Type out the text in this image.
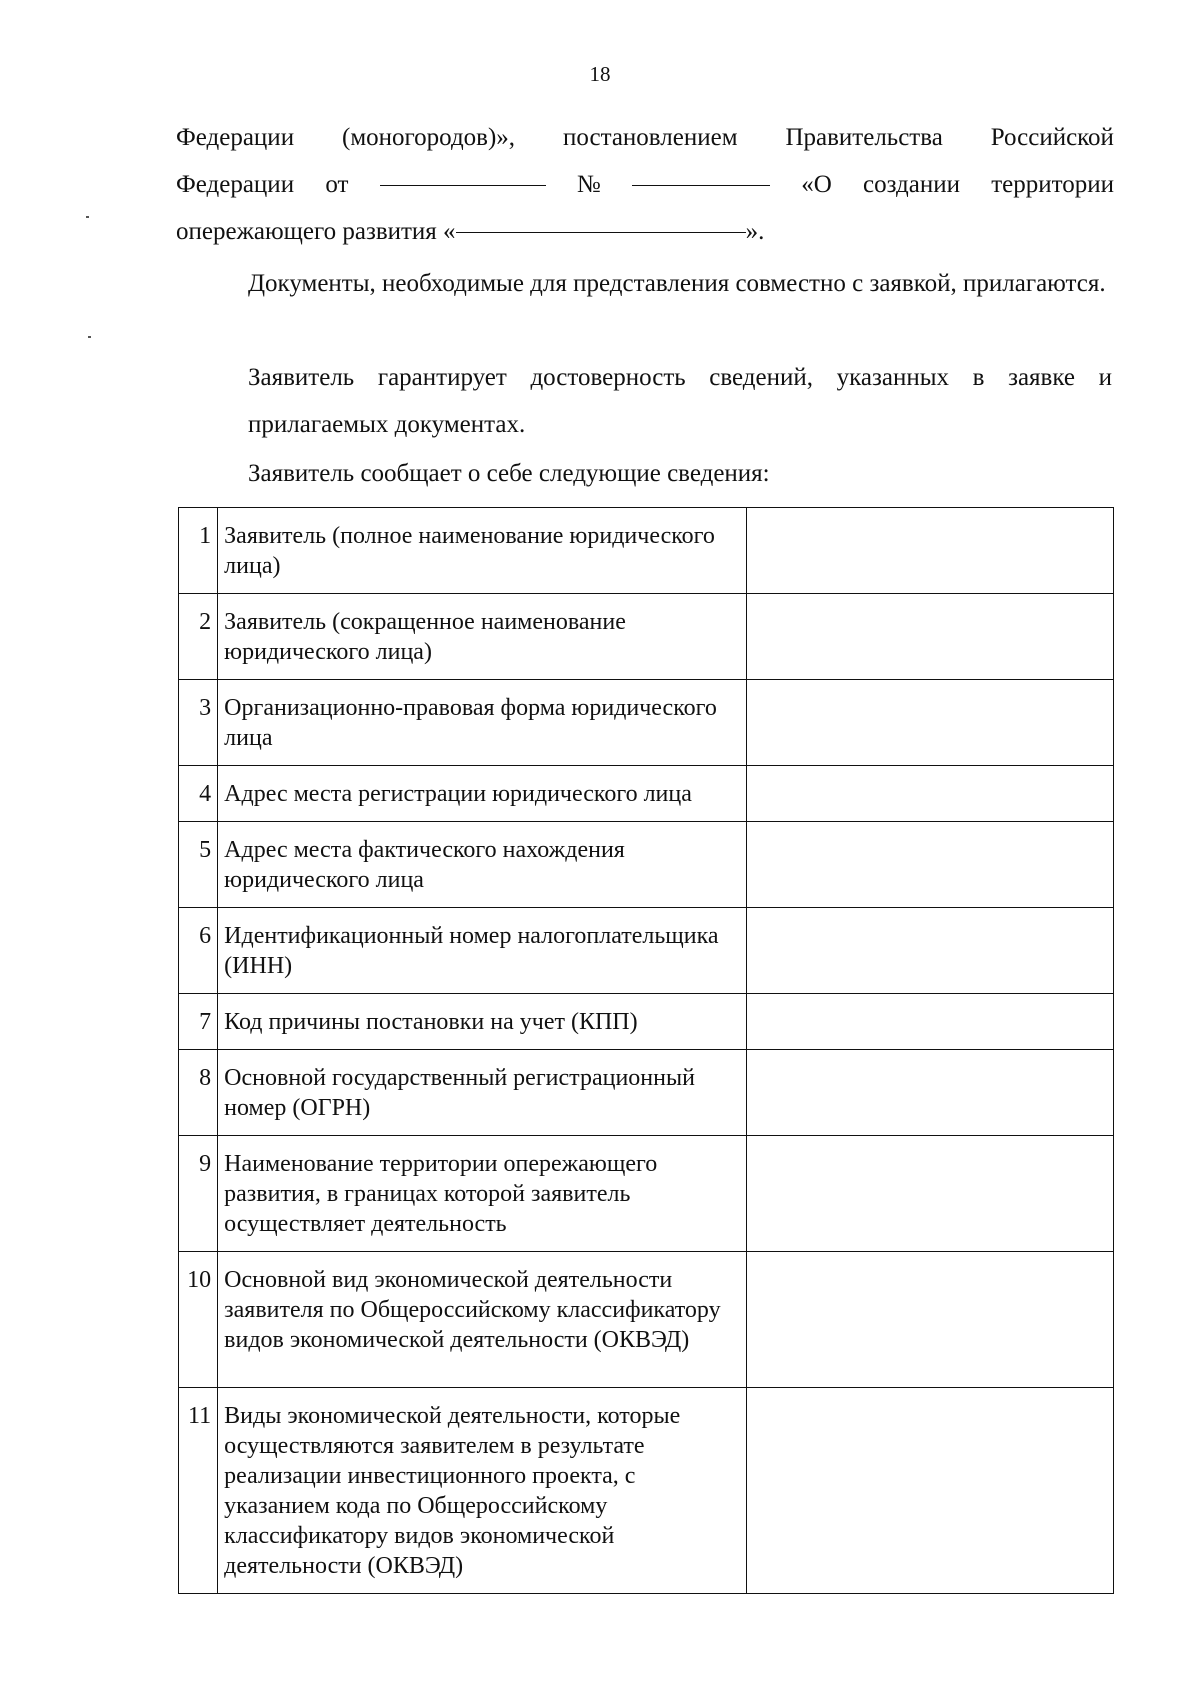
18
Федерации (моногородов)», постановлением Правительства Российской
Федерации от	№	«О создании территории
опережающего развития «	».
Документы, необходимые для представления совместно с заявкой, прилагаются.
Заявитель гарантирует достоверность сведений, указанных в заявке и прилагаемых документах.
Заявитель сообщает о себе следующие сведения:
1	Заявитель (полное наименование юридического лица)	
2	Заявитель (сокращенное наименование юридического лица)	
3	Организационно-правовая форма юридического лица	
4	Адрес места регистрации юридического лица	
5	Адрес места фактического нахождения юридического лица	
6	Идентификационный номер налогоплательщика (ИНН)	
7	Код причины постановки на учет (КПП)	
8	Основной государственный регистрационный номер (ОГРН)	
9	Наименование территории опережающего развития, в границах которой заявитель осуществляет деятельность	
10	Основной вид экономической деятельности заявителя по Общероссийскому классификатору видов экономической деятельности (ОКВЭД)	
11	Виды экономической деятельности, которые осуществляются заявителем в результате реализации инвестиционного проекта, с указанием кода по Общероссийскому классификатору видов экономической деятельности (ОКВЭД)	
